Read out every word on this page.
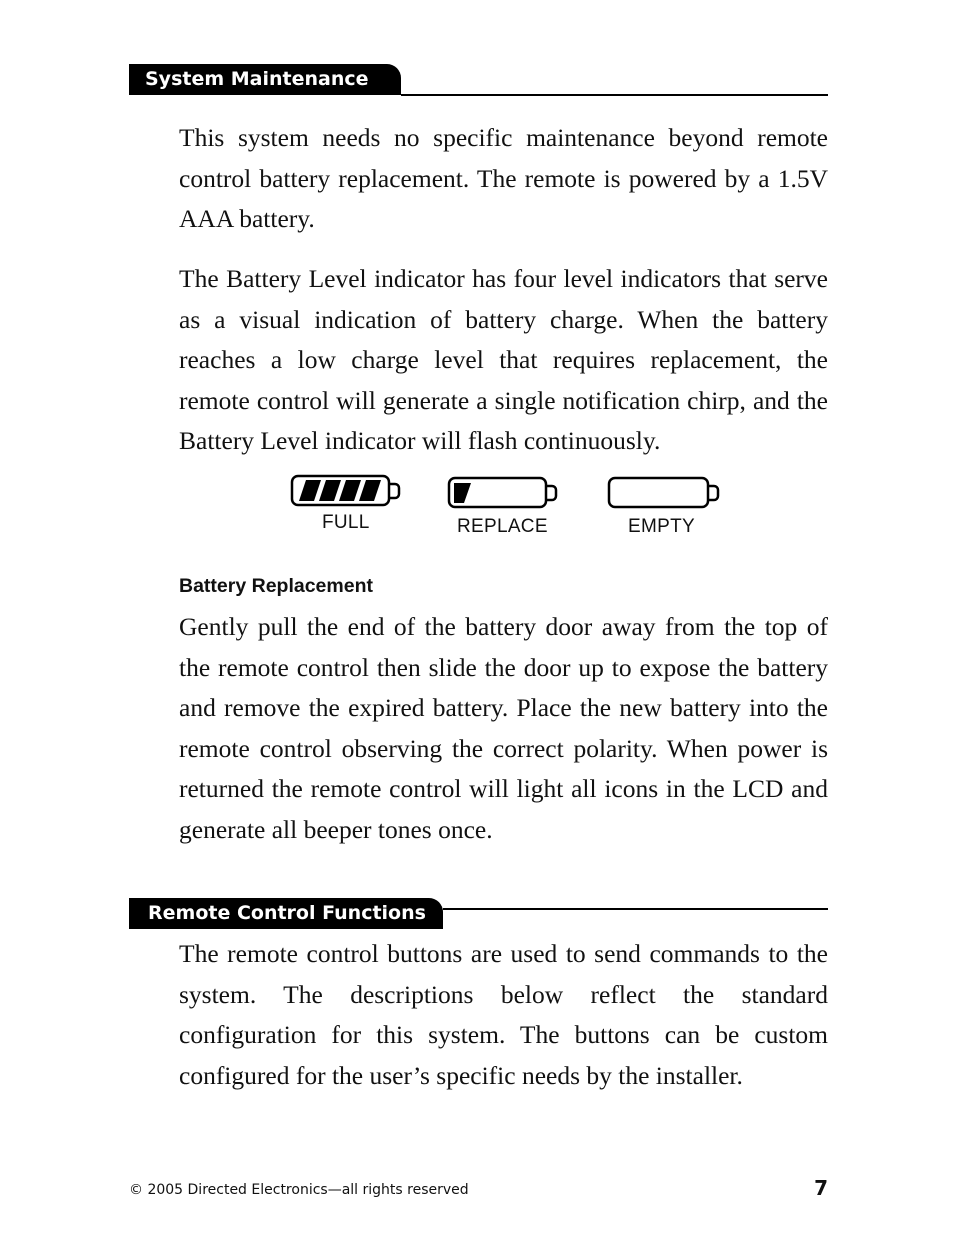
System Maintenance

This system needs no specific maintenance beyond remote control battery replacement. The remote is powered by a 1.5V AAA battery.

The Battery Level indicator has four level indicators that serve as a visual indication of battery charge. When the battery reaches a low charge level that requires replacement, the remote control will generate a single notification chirp, and the Battery Level indicator will flash continuously.

FULL	REPLACE	EMPTY
Battery Replacement

Gently pull the end of the battery door away from the top of the remote control then slide the door up to expose the battery and remove the expired battery. Place the new battery into the remote control observing the correct polarity. When power is returned the remote control will light all icons in the LCD and generate all beeper tones once.

Remote Control Functions

The remote control buttons are used to send commands to the system. The descriptions below reflect the standard configuration for this system. The buttons can be custom configured for the user’s specific needs by the installer.

© 2005 Directed Electronics—all rights reserved	7
